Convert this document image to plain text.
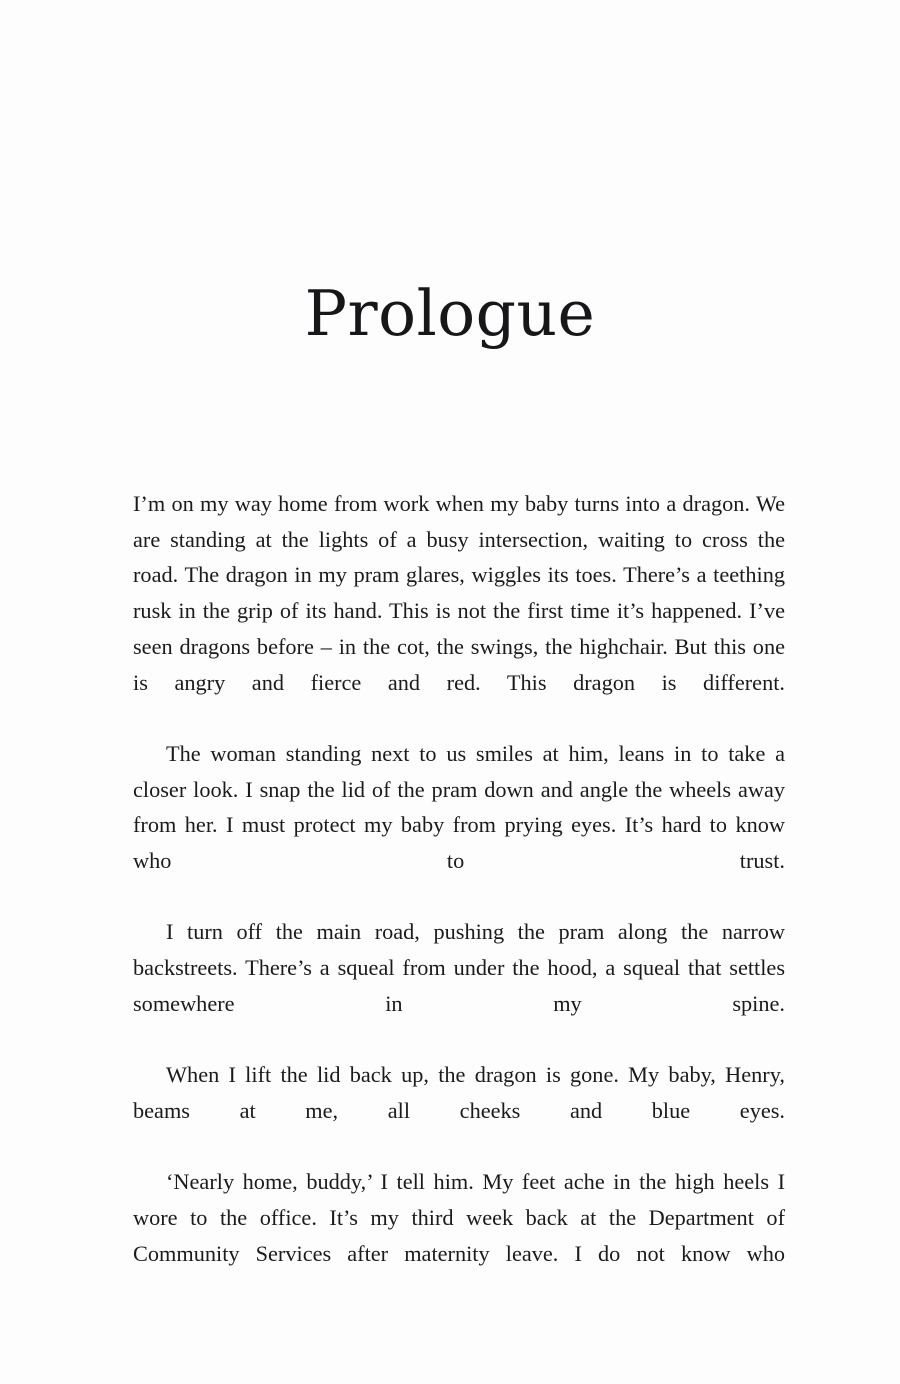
Prologue

I’m on my way home from work when my baby turns into a dragon. We are standing at the lights of a busy intersection, waiting to cross the road. The dragon in my pram glares, wiggles its toes. There’s a teething rusk in the grip of its hand. This is not the first time it’s happened. I’ve seen dragons before – in the cot, the swings, the highchair. But this one is angry and fierce and red. This dragon is different.

The woman standing next to us smiles at him, leans in to take a closer look. I snap the lid of the pram down and angle the wheels away from her. I must protect my baby from prying eyes. It’s hard to know who to trust.

I turn off the main road, pushing the pram along the narrow backstreets. There’s a squeal from under the hood, a squeal that settles somewhere in my spine.

When I lift the lid back up, the dragon is gone. My baby, Henry, beams at me, all cheeks and blue eyes.

‘Nearly home, buddy,’ I tell him. My feet ache in the high heels I wore to the office. It’s my third week back at the Department of Community Services after maternity leave. I do not know who
